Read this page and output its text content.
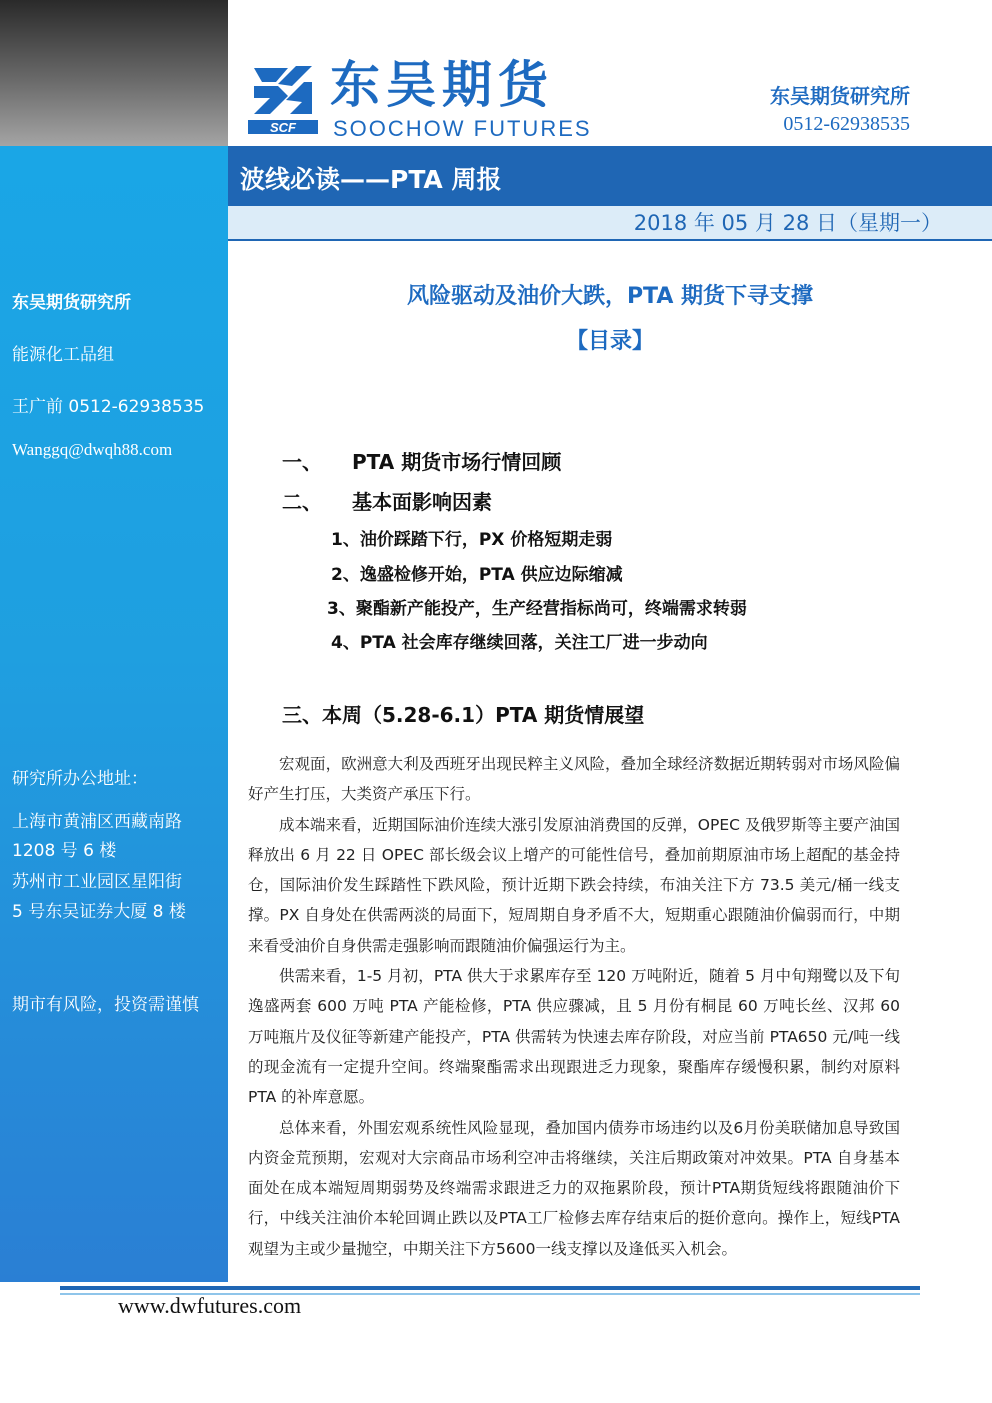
SCF
东吴期货
SOOCHOW FUTURES
东吴期货研究所
0512-62938535
波线必读——PTA 周报
2018 年 05 月 28 日（星期一）
东吴期货研究所
能源化工品组
王广前 0512-62938535
Wanggq@dwqh88.com
研究所办公地址：
上海市黄浦区西藏南路
1208 号 6 楼
苏州市工业园区星阳街
5 号东吴证券大厦 8 楼
期市有风险，投资需谨慎
风险驱动及油价大跌，PTA 期货下寻支撑
【目录】
一、 PTA 期货市场行情回顾
二、 基本面影响因素
1、油价踩踏下行，PX 价格短期走弱
2、逸盛检修开始，PTA 供应边际缩减
3、聚酯新产能投产，生产经营指标尚可，终端需求转弱
4、PTA 社会库存继续回落，关注工厂进一步动向
三、本周（5.28-6.1）PTA 期货情展望

宏观面，欧洲意大利及西班牙出现民粹主义风险，叠加全球经济数据近期转弱对市场风险偏好产生打压，大类资产承压下行。

成本端来看，近期国际油价连续大涨引发原油消费国的反弹，OPEC 及俄罗斯等主要产油国释放出 6 月 22 日 OPEC 部长级会议上增产的可能性信号，叠加前期原油市场上超配的基金持仓，国际油价发生踩踏性下跌风险，预计近期下跌会持续，布油关注下方 73.5 美元/桶一线支撑。PX 自身处在供需两淡的局面下，短周期自身矛盾不大，短期重心跟随油价偏弱而行，中期来看受油价自身供需走强影响而跟随油价偏强运行为主。

供需来看，1-5 月初，PTA 供大于求累库存至 120 万吨附近，随着 5 月中旬翔鹭以及下旬逸盛两套 600 万吨 PTA 产能检修，PTA 供应骤减，且 5 月份有桐昆 60 万吨长丝、汉邦 60 万吨瓶片及仪征等新建产能投产，PTA 供需转为快速去库存阶段，对应当前 PTA650 元/吨一线的现金流有一定提升空间。终端聚酯需求出现跟进乏力现象，聚酯库存缓慢积累，制约对原料 PTA 的补库意愿。

总体来看，外围宏观系统性风险显现，叠加国内债券市场违约以及6月份美联储加息导致国内资金荒预期，宏观对大宗商品市场利空冲击将继续，关注后期政策对冲效果。PTA 自身基本面处在成本端短周期弱势及终端需求跟进乏力的双拖累阶段，预计PTA期货短线将跟随油价下行，中线关注油价本轮回调止跌以及PTA工厂检修去库存结束后的挺价意向。操作上，短线PTA观望为主或少量抛空，中期关注下方5600一线支撑以及逢低买入机会。

www.dwfutures.com
